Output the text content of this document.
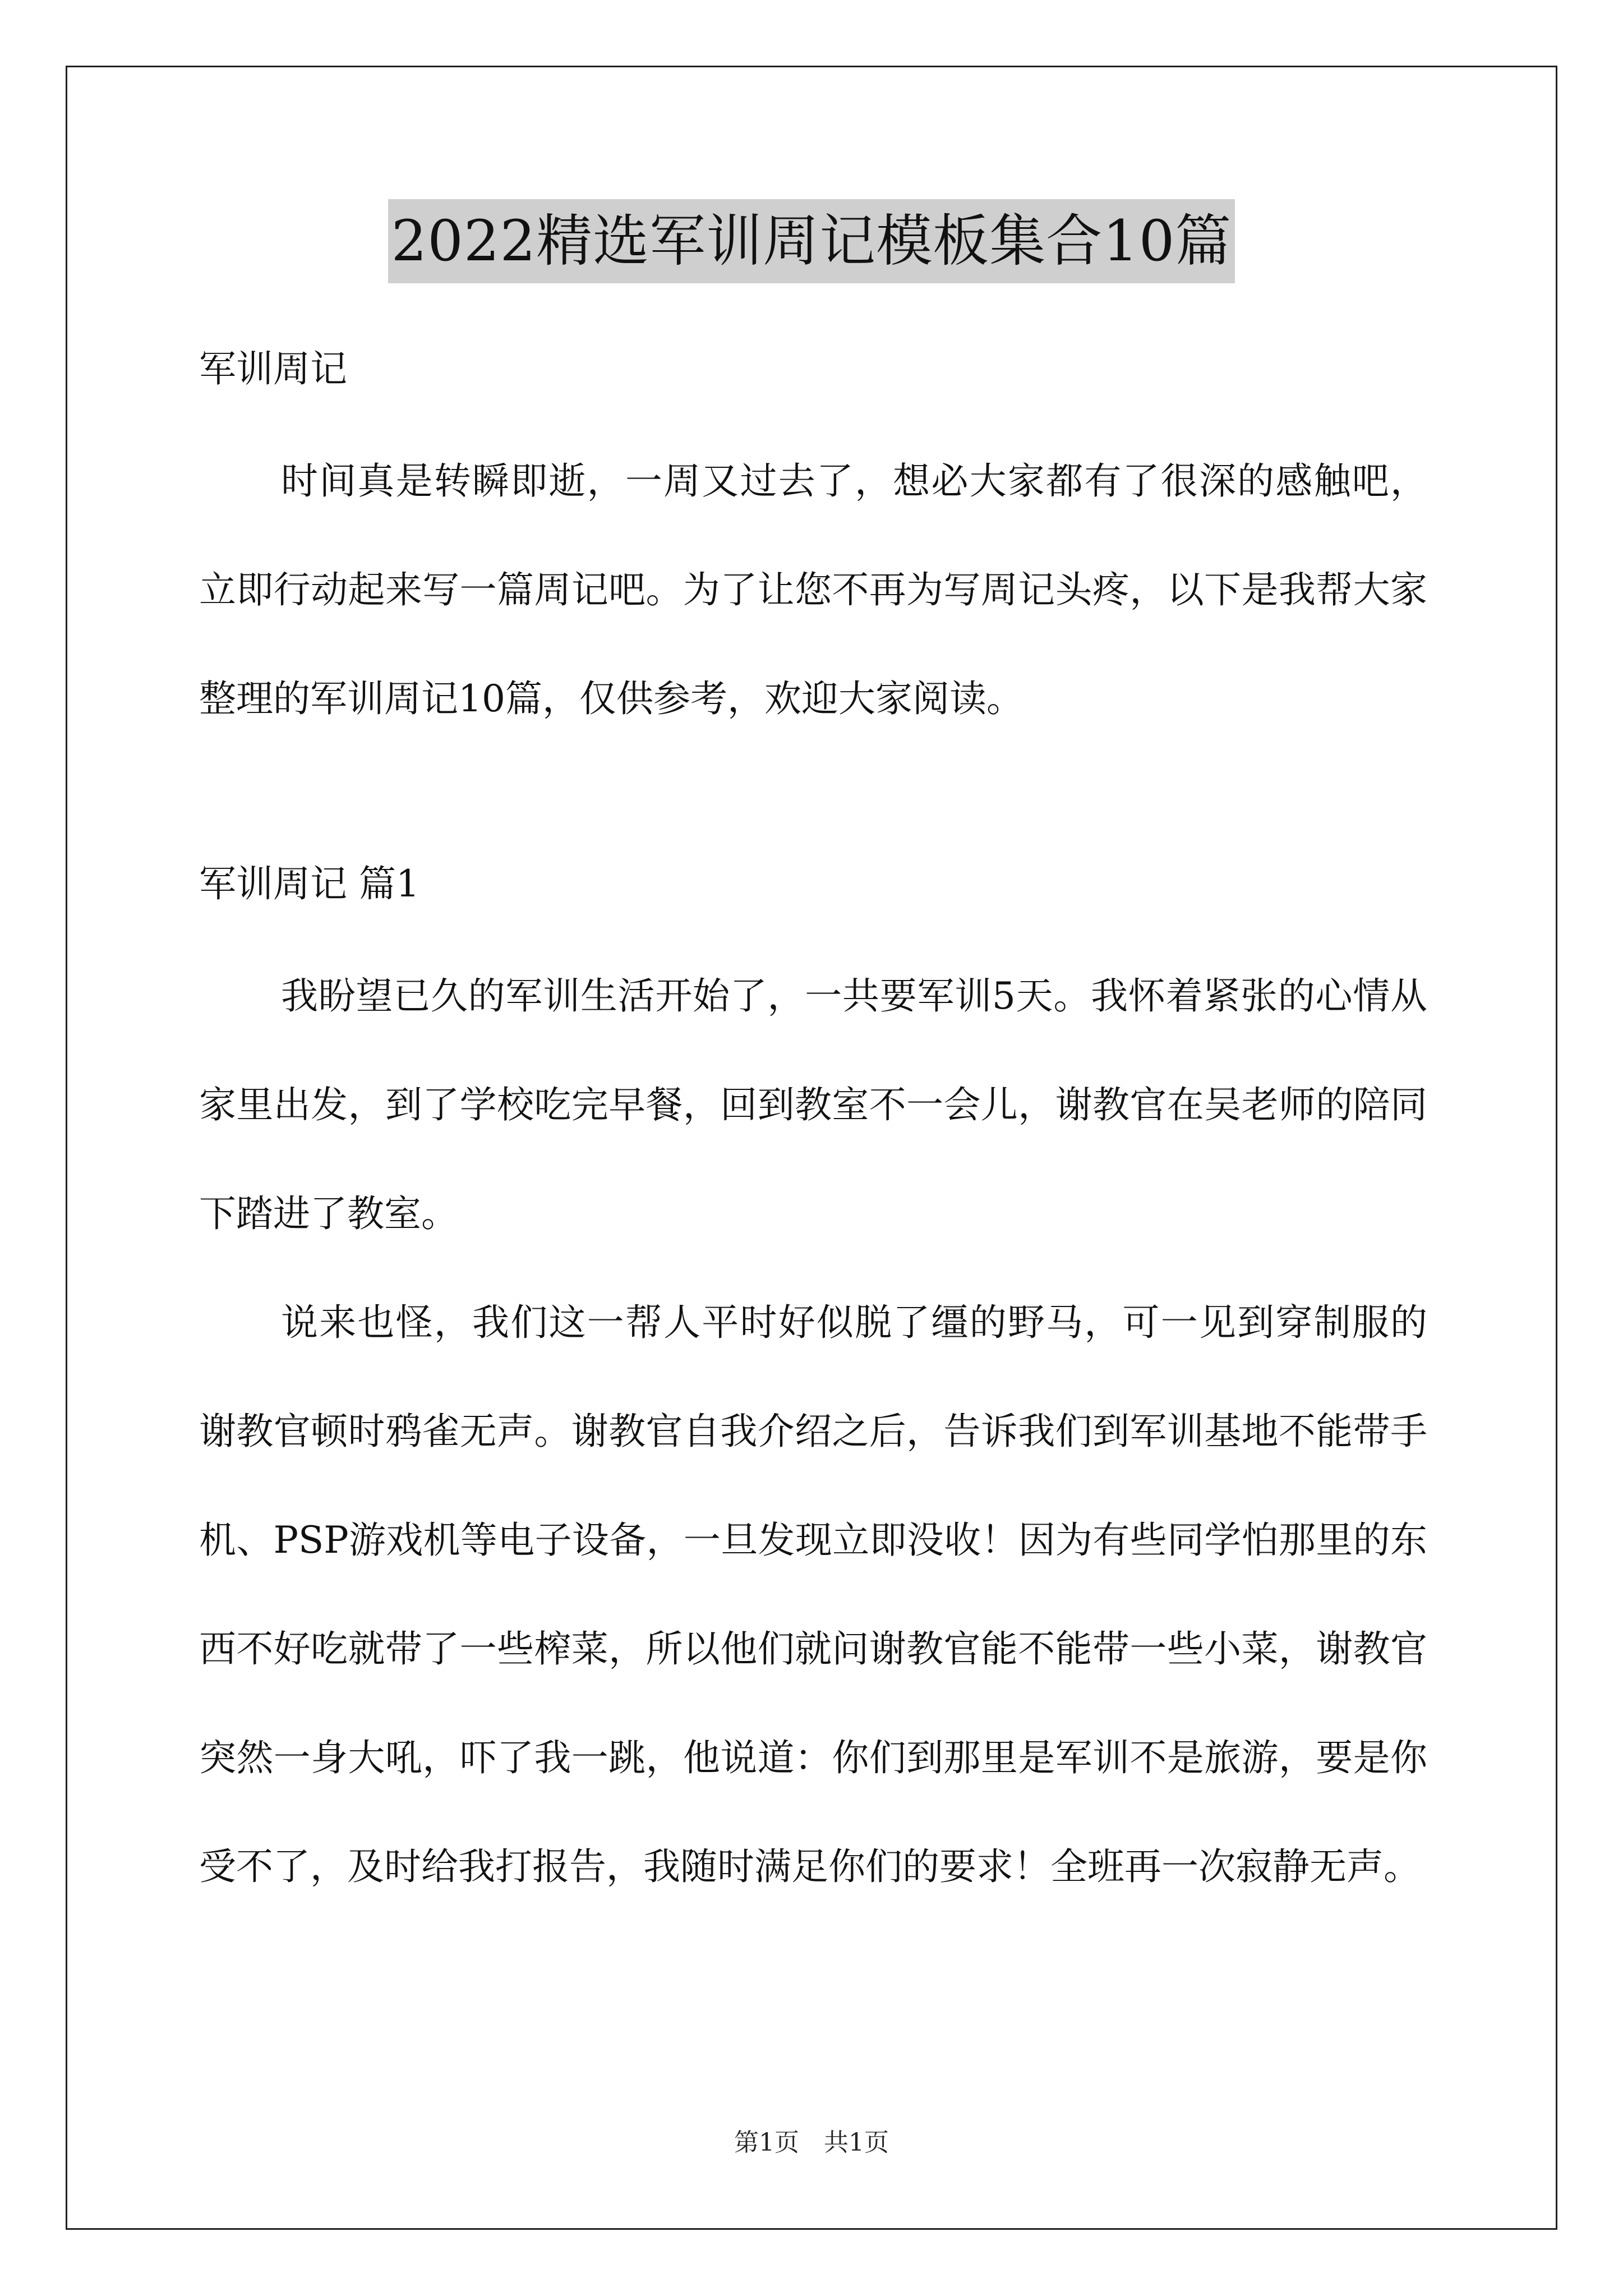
2022精选军训周记模板集合10篇

军训周记

时间真是转瞬即逝，一周又过去了，想必大家都有了很深的感触吧，立即行动起来写一篇周记吧。为了让您不再为写周记头疼，以下是我帮大家整理的军训周记10篇，仅供参考，欢迎大家阅读。

军训周记 篇1

我盼望已久的军训生活开始了，一共要军训5天。我怀着紧张的心情从家里出发，到了学校吃完早餐，回到教室不一会儿，谢教官在吴老师的陪同下踏进了教室。

说来也怪，我们这一帮人平时好似脱了缰的野马，可一见到穿制服的谢教官顿时鸦雀无声。谢教官自我介绍之后，告诉我们到军训基地不能带手机、PSP游戏机等电子设备，一旦发现立即没收！因为有些同学怕那里的东西不好吃就带了一些榨菜，所以他们就问谢教官能不能带一些小菜，谢教官突然一身大吼，吓了我一跳，他说道：你们到那里是军训不是旅游，要是你受不了，及时给我打报告，我随时满足你们的要求！全班再一次寂静无声。

第1页　共1页
